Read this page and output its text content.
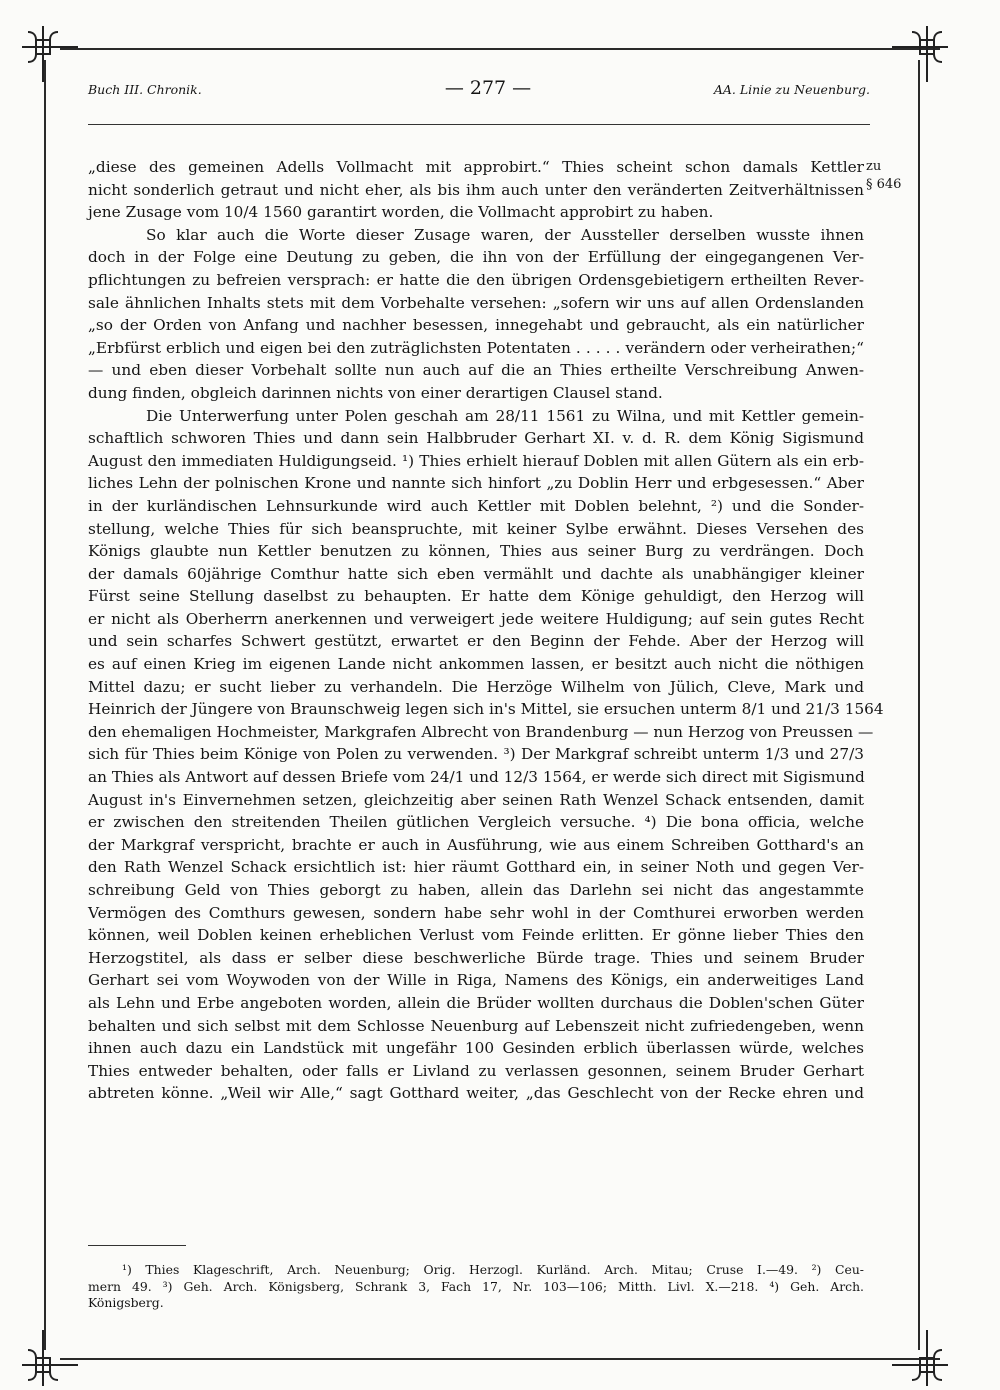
Buch III. Chronik.	— 277 —	AA. Linie zu Neuenburg.
zu
§ 646
„diese des gemeinen Adells Vollmacht mit approbirt.“ Thies scheint schon damals Kettler
nicht sonderlich getraut und nicht eher, als bis ihm auch unter den veränderten Zeitverhältnissen
jene Zusage vom 10/4 1560 garantirt worden, die Vollmacht approbirt zu haben.
So klar auch die Worte dieser Zusage waren, der Aussteller derselben wusste ihnen
doch in der Folge eine Deutung zu geben, die ihn von der Erfüllung der eingegangenen Ver-
pflichtungen zu befreien versprach: er hatte die den übrigen Ordensgebietigern ertheilten Rever-
sale ähnlichen Inhalts stets mit dem Vorbehalte versehen: „sofern wir uns auf allen Ordenslanden
„so der Orden von Anfang und nachher besessen, innegehabt und gebraucht, als ein natürlicher
„Erbfürst erblich und eigen bei den zuträglichsten Potentaten . . . . . verändern oder verheirathen;“
— und eben dieser Vorbehalt sollte nun auch auf die an Thies ertheilte Verschreibung Anwen-
dung finden, obgleich darinnen nichts von einer derartigen Clausel stand.
Die Unterwerfung unter Polen geschah am 28/11 1561 zu Wilna, und mit Kettler gemein-
schaftlich schworen Thies und dann sein Halbbruder Gerhart XI. v. d. R. dem König Sigismund
August den immediaten Huldigungseid. ¹) Thies erhielt hierauf Doblen mit allen Gütern als ein erb-
liches Lehn der polnischen Krone und nannte sich hinfort „zu Doblin Herr und erbgesessen.“ Aber
in der kurländischen Lehnsurkunde wird auch Kettler mit Doblen belehnt, ²) und die Sonder-
stellung, welche Thies für sich beanspruchte, mit keiner Sylbe erwähnt. Dieses Versehen des
Königs glaubte nun Kettler benutzen zu können, Thies aus seiner Burg zu verdrängen. Doch
der damals 60jährige Comthur hatte sich eben vermählt und dachte als unabhängiger kleiner
Fürst seine Stellung daselbst zu behaupten. Er hatte dem Könige gehuldigt, den Herzog will
er nicht als Oberherrn anerkennen und verweigert jede weitere Huldigung; auf sein gutes Recht
und sein scharfes Schwert gestützt, erwartet er den Beginn der Fehde. Aber der Herzog will
es auf einen Krieg im eigenen Lande nicht ankommen lassen, er besitzt auch nicht die nöthigen
Mittel dazu; er sucht lieber zu verhandeln. Die Herzöge Wilhelm von Jülich, Cleve, Mark und
Heinrich der Jüngere von Braunschweig legen sich in's Mittel, sie ersuchen unterm 8/1 und 21/3 1564
den ehemaligen Hochmeister, Markgrafen Albrecht von Brandenburg — nun Herzog von Preussen —
sich für Thies beim Könige von Polen zu verwenden. ³) Der Markgraf schreibt unterm 1/3 und 27/3
an Thies als Antwort auf dessen Briefe vom 24/1 und 12/3 1564, er werde sich direct mit Sigismund
August in's Einvernehmen setzen, gleichzeitig aber seinen Rath Wenzel Schack entsenden, damit
er zwischen den streitenden Theilen gütlichen Vergleich versuche. ⁴) Die bona officia, welche
der Markgraf verspricht, brachte er auch in Ausführung, wie aus einem Schreiben Gotthard's an
den Rath Wenzel Schack ersichtlich ist: hier räumt Gotthard ein, in seiner Noth und gegen Ver-
schreibung Geld von Thies geborgt zu haben, allein das Darlehn sei nicht das angestammte
Vermögen des Comthurs gewesen, sondern habe sehr wohl in der Comthurei erworben werden
können, weil Doblen keinen erheblichen Verlust vom Feinde erlitten. Er gönne lieber Thies den
Herzogstitel, als dass er selber diese beschwerliche Bürde trage. Thies und seinem Bruder
Gerhart sei vom Woywoden von der Wille in Riga, Namens des Königs, ein anderweitiges Land
als Lehn und Erbe angeboten worden, allein die Brüder wollten durchaus die Doblen'schen Güter
behalten und sich selbst mit dem Schlosse Neuenburg auf Lebenszeit nicht zufriedengeben, wenn
ihnen auch dazu ein Landstück mit ungefähr 100 Gesinden erblich überlassen würde, welches
Thies entweder behalten, oder falls er Livland zu verlassen gesonnen, seinem Bruder Gerhart
abtreten könne. „Weil wir Alle,“ sagt Gotthard weiter, „das Geschlecht von der Recke ehren und
¹) Thies Klageschrift, Arch. Neuenburg; Orig. Herzogl. Kurländ. Arch. Mitau; Cruse I.—49. ²) Ceu-
mern 49. ³) Geh. Arch. Königsberg, Schrank 3, Fach 17, Nr. 103—106; Mitth. Livl. X.—218. ⁴) Geh. Arch.
Königsberg.
